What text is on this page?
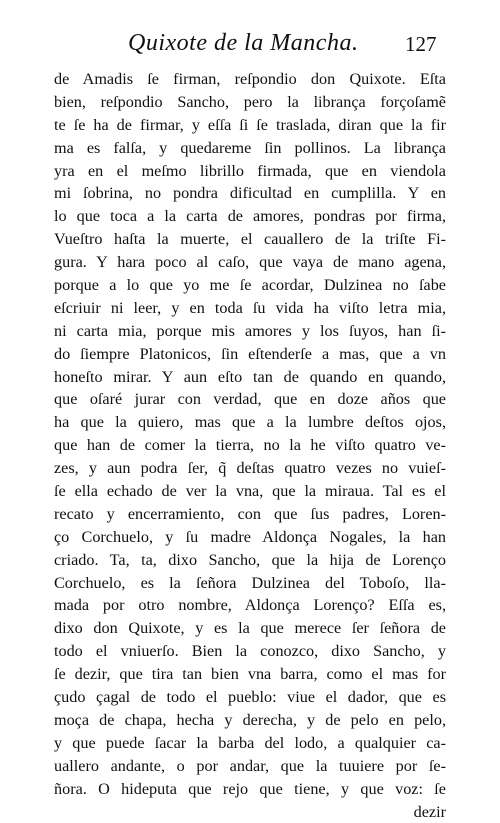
Quixote de la Mancha. 127
de Amadis ſe firman, reſpondio don Quixote. Eſta
bien, reſpondio Sancho, pero la librança forçoſamẽ
te ſe ha de firmar, y eſſa ſi ſe traslada, diran que la fir
ma es falſa, y quedareme ſin pollinos. La librança
yra en el meſmo librillo firmada, que en viendola
mi ſobrina, no pondra dificultad en cumplilla. Y en
lo que toca a la carta de amores, pondras por firma,
Vueſtro haſta la muerte, el cauallero de la triſte Fi-
gura. Y hara poco al caſo, que vaya de mano agena,
porque a lo que yo me ſe acordar, Dulzinea no ſabe
eſcriuir ni leer, y en toda ſu vida ha viſto letra mia,
ni carta mia, porque mis amores y los ſuyos, han ſi-
do ſiempre Platonicos, ſin eſtenderſe a mas, que a vn
honeſto mirar. Y aun eſto tan de quando en quando,
que oſaré jurar con verdad, que en doze años que
ha que la quiero, mas que a la lumbre deſtos ojos,
que han de comer la tierra, no la he viſto quatro ve-
zes, y aun podra ſer, q̃ deſtas quatro vezes no vuieſ-
ſe ella echado de ver la vna, que la miraua. Tal es el
recato y encerramiento, con que ſus padres, Loren-
ço Corchuelo, y ſu madre Aldonça Nogales, la han
criado. Ta, ta, dixo Sancho, que la hija de Lorenço
Corchuelo, es la ſeñora Dulzinea del Toboſo, lla-
mada por otro nombre, Aldonça Lorenço? Eſſa es,
dixo don Quixote, y es la que merece ſer ſeñora de
todo el vniuerſo. Bien la conozco, dixo Sancho, y
ſe dezir, que tira tan bien vna barra, como el mas for
çudo çagal de todo el pueblo: viue el dador, que es
moça de chapa, hecha y derecha, y de pelo en pelo,
y que puede ſacar la barba del lodo, a qualquier ca-
uallero andante, o por andar, que la tuuiere por ſe-
ñora. O hideputa que rejo que tiene, y que voz: ſe
dezir
